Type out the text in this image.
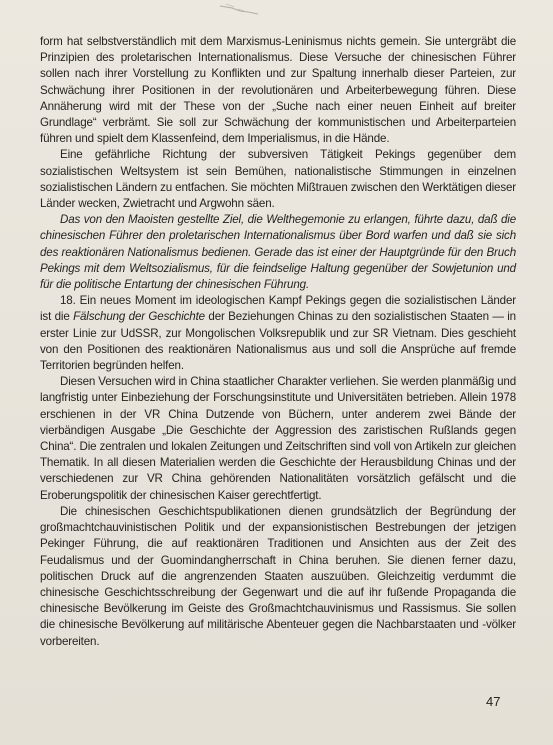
form hat selbstverständlich mit dem Marxismus-Leninismus nichts gemein. Sie untergräbt die Prinzipien des proletarischen Internationalismus. Diese Versuche der chinesischen Führer sollen nach ihrer Vorstellung zu Konflikten und zur Spaltung innerhalb dieser Parteien, zur Schwächung ihrer Positionen in der revolutionären und Arbeiterbewegung führen. Diese Annäherung wird mit der These von der „Suche nach einer neuen Einheit auf breiter Grundlage“ verbrämt. Sie soll zur Schwächung der kommunistischen und Arbeiterparteien führen und spielt dem Klassenfeind, dem Imperialismus, in die Hände.

Eine gefährliche Richtung der subversiven Tätigkeit Pekings gegenüber dem sozialistischen Weltsystem ist sein Bemühen, nationalistische Stimmungen in einzelnen sozialistischen Ländern zu entfachen. Sie möchten Mißtrauen zwischen den Werktätigen dieser Länder wecken, Zwietracht und Argwohn säen.

Das von den Maoisten gestellte Ziel, die Welthegemonie zu erlangen, führte dazu, daß die chinesischen Führer den proletarischen Internationalismus über Bord warfen und daß sie sich des reaktionären Nationalismus bedienen. Gerade das ist einer der Hauptgründe für den Bruch Pekings mit dem Weltsozialismus, für die feindselige Haltung gegenüber der Sowjetunion und für die politische Entartung der chinesischen Führung.

18. Ein neues Moment im ideologischen Kampf Pekings gegen die sozialistischen Länder ist die Fälschung der Geschichte der Beziehungen Chinas zu den sozialistischen Staaten — in erster Linie zur UdSSR, zur Mongolischen Volksrepublik und zur SR Vietnam. Dies geschieht von den Positionen des reaktionären Nationalismus aus und soll die Ansprüche auf fremde Territorien begründen helfen.

Diesen Versuchen wird in China staatlicher Charakter verliehen. Sie werden planmäßig und langfristig unter Einbeziehung der Forschungsinstitute und Universitäten betrieben. Allein 1978 erschienen in der VR China Dutzende von Büchern, unter anderem zwei Bände der vierbändigen Ausgabe „Die Geschichte der Aggression des zaristischen Rußlands gegen China“. Die zentralen und lokalen Zeitungen und Zeitschriften sind voll von Artikeln zur gleichen Thematik. In all diesen Materialien werden die Geschichte der Herausbildung Chinas und der verschiedenen zur VR China gehörenden Nationalitäten vorsätzlich gefälscht und die Eroberungspolitik der chinesischen Kaiser gerechtfertigt.

Die chinesischen Geschichtspublikationen dienen grundsätzlich der Begründung der großmachtchauvinistischen Politik und der expansionistischen Bestrebungen der jetzigen Pekinger Führung, die auf reaktionären Traditionen und Ansichten aus der Zeit des Feudalismus und der Guomindangherrschaft in China beruhen. Sie dienen ferner dazu, politischen Druck auf die angrenzenden Staaten auszuüben. Gleichzeitig verdummt die chinesische Geschichtsschreibung der Gegenwart und die auf ihr fußende Propaganda die chinesische Bevölkerung im Geiste des Großmachtchauvinismus und Rassismus. Sie sollen die chinesische Bevölkerung auf militärische Abenteuer gegen die Nachbarstaaten und -völker vorbereiten.

47
